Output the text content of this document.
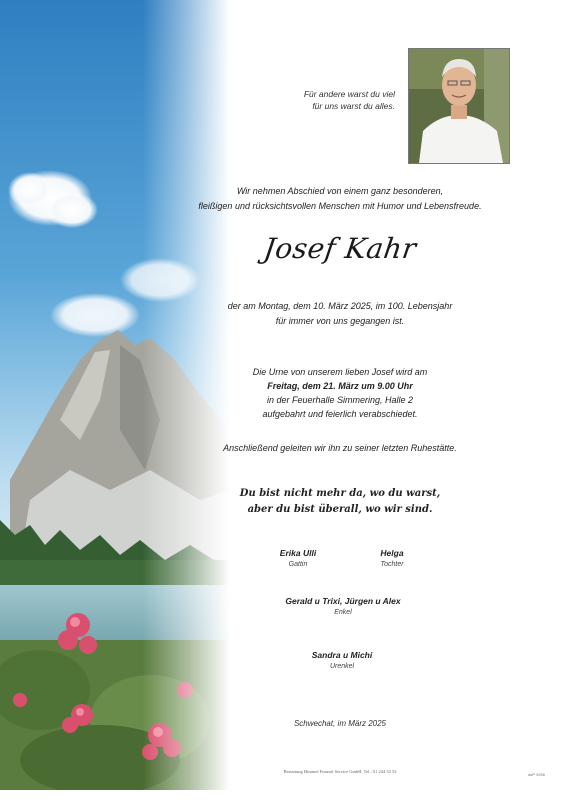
Für andere warst du viel
für uns warst du alles.
Wir nehmen Abschied von einem ganz besonderen,
fleißigen und rücksichtsvollen Menschen mit Humor und Lebensfreude.
Josef Kahr
der am Montag, dem 10. März 2025, im 100. Lebensjahr
für immer von uns gegangen ist.
Die Urne von unserem lieben Josef wird am
Freitag, dem 21. März um 9.00 Uhr
in der Feuerhalle Simmering, Halle 2
aufgebahrt und feierlich verabschiedet.
Anschließend geleiten wir ihn zu seiner letzten Ruhestätte.
Du bist nicht mehr da, wo du warst,
aber du bist überall, wo wir sind.
Erika Ulli
Gattin
Helga
Tochter
Gerald u Trixi, Jürgen u Alex
Enkel
Sandra u Michi
Urenkel
Schwechat, im März 2025
Bestattung Himmel Funeral Service GmbH, Tel.: 01 244 33 52
ddP 9256
